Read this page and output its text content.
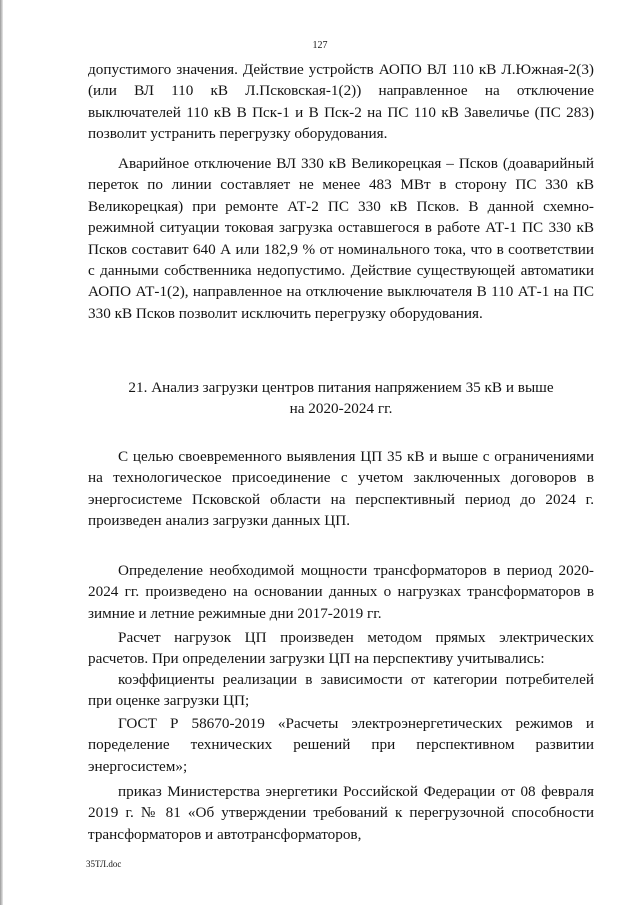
127

допустимого значения. Действие устройств АОПО ВЛ 110 кВ Л.Южная-2(3) (или ВЛ 110 кВ Л.Псковская-1(2)) направленное на отключение выключателей 110 кВ В Пск-1 и В Пск-2 на ПС 110 кВ Завеличье (ПС 283) позволит устранить перегрузку оборудования.

Аварийное отключение ВЛ 330 кВ Великорецкая – Псков (доаварийный переток по линии составляет не менее 483 МВт в сторону ПС 330 кВ Великорецкая) при ремонте АТ-2 ПС 330 кВ Псков. В данной схемно-режимной ситуации токовая загрузка оставшегося в работе АТ-1 ПС 330 кВ Псков составит 640 А или 182,9 % от номинального тока, что в соответствии с данными собственника недопустимо. Действие существующей автоматики АОПО АТ-1(2), направленное на отключение выключателя В 110 АТ-1 на ПС 330 кВ Псков позволит исключить перегрузку оборудования.

21. Анализ загрузки центров питания напряжением 35 кВ и выше
на 2020-2024 гг.

С целью своевременного выявления ЦП 35 кВ и выше с ограничениями на технологическое присоединение с учетом заключенных договоров в энергосистеме Псковской области на перспективный период до 2024 г. произведен анализ загрузки данных ЦП.

Определение необходимой мощности трансформаторов в период 2020-2024 гг. произведено на основании данных о нагрузках трансформаторов в зимние и летние режимные дни 2017-2019 гг.

Расчет нагрузок ЦП произведен методом прямых электрических расчетов. При определении загрузки ЦП на перспективу учитывались:

коэффициенты реализации в зависимости от категории потребителей при оценке загрузки ЦП;

ГОСТ Р 58670-2019 «Расчеты электроэнергетических режимов и поределение технических решений при перспективном развитии энергосистем»;

приказ Министерства энергетики Российской Федерации от 08 февраля 2019 г. № 81 «Об утверждении требований к перегрузочной способности трансформаторов и автотрансформаторов,

35ТЛ.doc
